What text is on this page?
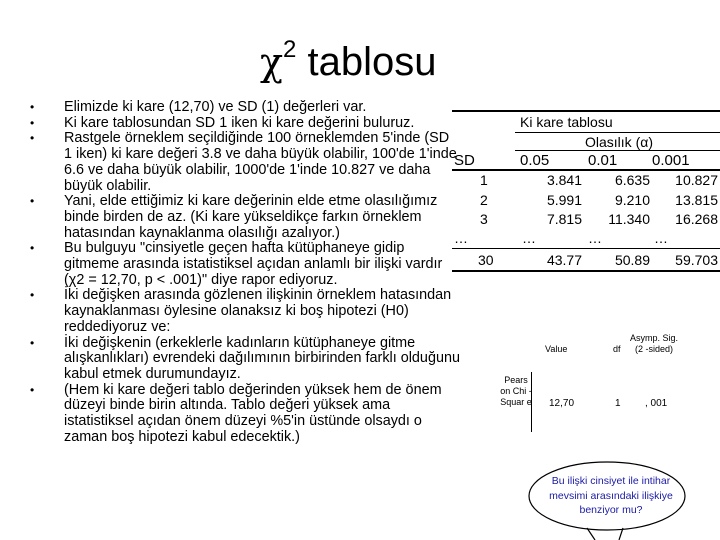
$\chi^2$ tablosu
• Elimizde ki kare (12,70) ve SD (1) değerleri var.
• Ki kare tablosundan SD 1 iken ki kare değerini buluruz.
• Rastgele örneklem seçildiğinde 100 örneklemden 5'inde (SD 1 iken) ki kare değeri 3.8 ve daha büyük olabilir, 100'de 1'inde 6.6 ve daha büyük olabilir, 1000'de 1'inde 10.827 ve daha büyük olabilir.
• Yani, elde ettiğimiz ki kare değerinin elde etme olasılığımız binde birden de az. (Ki kare yükseldikçe farkın örneklem hatasından kaynaklanma olasılığı azalıyor.)
• Bu bulguyu "cinsiyetle geçen hafta kütüphaneye gidip gitmeme arasında istatistiksel açıdan anlamlı bir ilişki vardır (χ2 = 12,70, p < .001)" diye rapor ediyoruz.
• İki değişken arasında gözlenen ilişkinin örneklem hatasından kaynaklanması öylesine olanaksız ki boş hipotezi (H0) reddediyoruz ve:
• İki değişkenin (erkeklerle kadınların kütüphaneye gitme alışkanlıkları) evrendeki dağılımının birbirinden farklı olduğunu kabul etmek durumundayız.
• (Hem ki kare değeri tablo değerinden yüksek hem de önem düzeyi binde birin altında. Tablo değeri yüksek ama istatistiksel açıdan önem düzeyi %5'in üstünde olsaydı o zaman boş hipotezi kabul edecektik.)
Ki kare tablosu
Olasılık (α)
SD	0.05	0.01 0.001
1	3.841 6.635 10.827
2	5.991 9.210 13.815
3	7.815 11.340 16.268
…	…	…	…
30	43.77 50.89 59.703
Value	df
Asymp. Sig. (2 -sided)
Pears on Chi - Squar e 12,70	1 , 001
Bu ilişki cinsiyet ile intihar mevsimi arasındaki ilişkiye benziyor mu?
